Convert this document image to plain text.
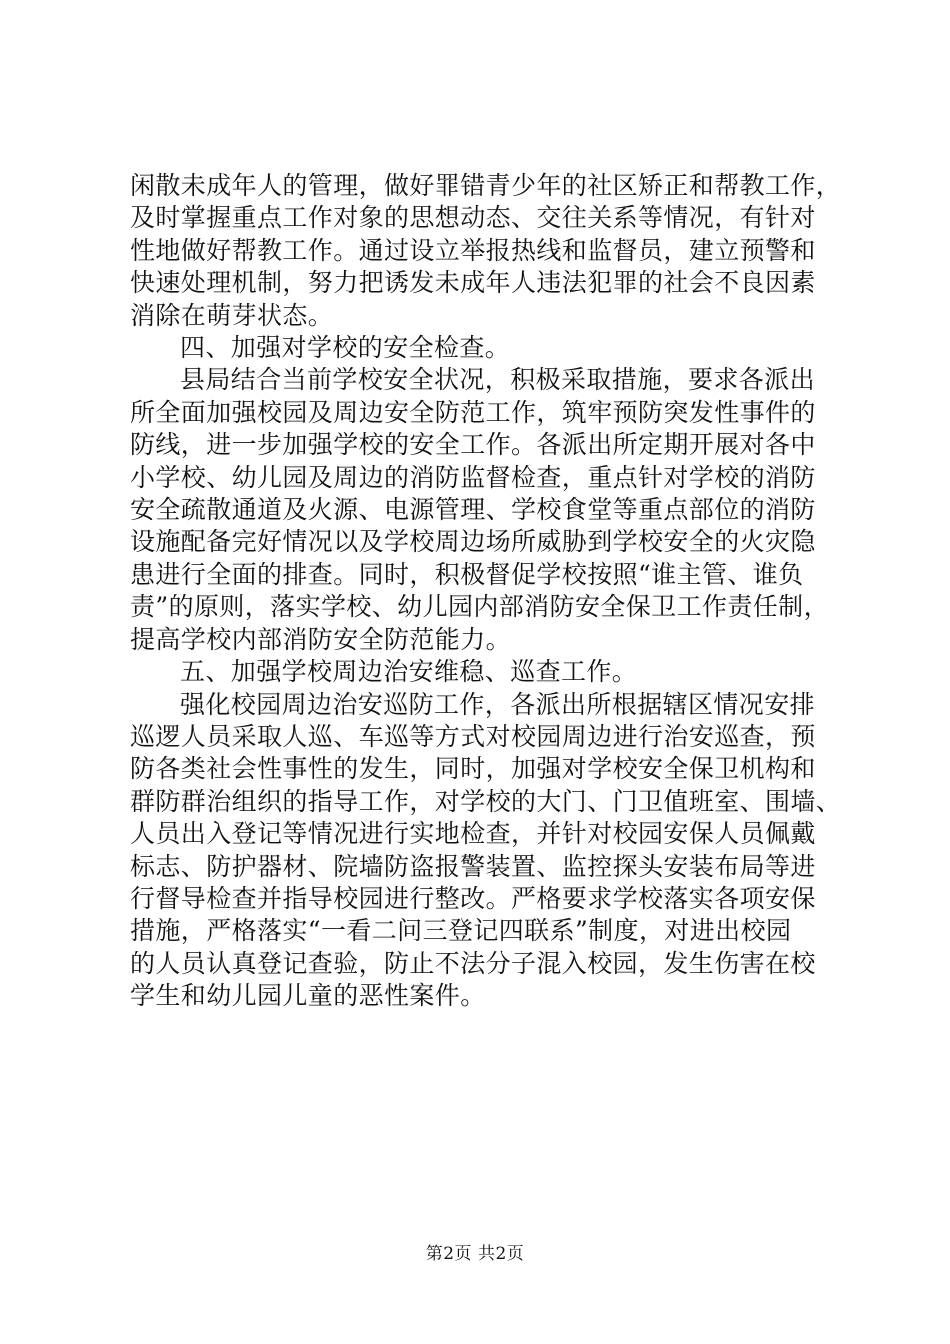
闲散未成年人的管理，做好罪错青少年的社区矫正和帮教工作，
及时掌握重点工作对象的思想动态、交往关系等情况，有针对
性地做好帮教工作。通过设立举报热线和监督员，建立预警和
快速处理机制，努力把诱发未成年人违法犯罪的社会不良因素
消除在萌芽状态。
四、加强对学校的安全检查。
县局结合当前学校安全状况，积极采取措施，要求各派出
所全面加强校园及周边安全防范工作，筑牢预防突发性事件的
防线，进一步加强学校的安全工作。各派出所定期开展对各中
小学校、幼儿园及周边的消防监督检查，重点针对学校的消防
安全疏散通道及火源、电源管理、学校食堂等重点部位的消防
设施配备完好情况以及学校周边场所威胁到学校安全的火灾隐
患进行全面的排查。同时，积极督促学校按照“谁主管、谁负
责”的原则，落实学校、幼儿园内部消防安全保卫工作责任制，
提高学校内部消防安全防范能力。
五、加强学校周边治安维稳、巡查工作。
强化校园周边治安巡防工作，各派出所根据辖区情况安排
巡逻人员采取人巡、车巡等方式对校园周边进行治安巡查，预
防各类社会性事性的发生，同时，加强对学校安全保卫机构和
群防群治组织的指导工作，对学校的大门、门卫值班室、围墙、
人员出入登记等情况进行实地检查，并针对校园安保人员佩戴
标志、防护器材、院墙防盗报警装置、监控探头安装布局等进
行督导检查并指导校园进行整改。严格要求学校落实各项安保
措施，严格落实“一看二问三登记四联系”制度，对进出校园
的人员认真登记查验，防止不法分子混入校园，发生伤害在校
学生和幼儿园儿童的恶性案件。
第2页 共2页
